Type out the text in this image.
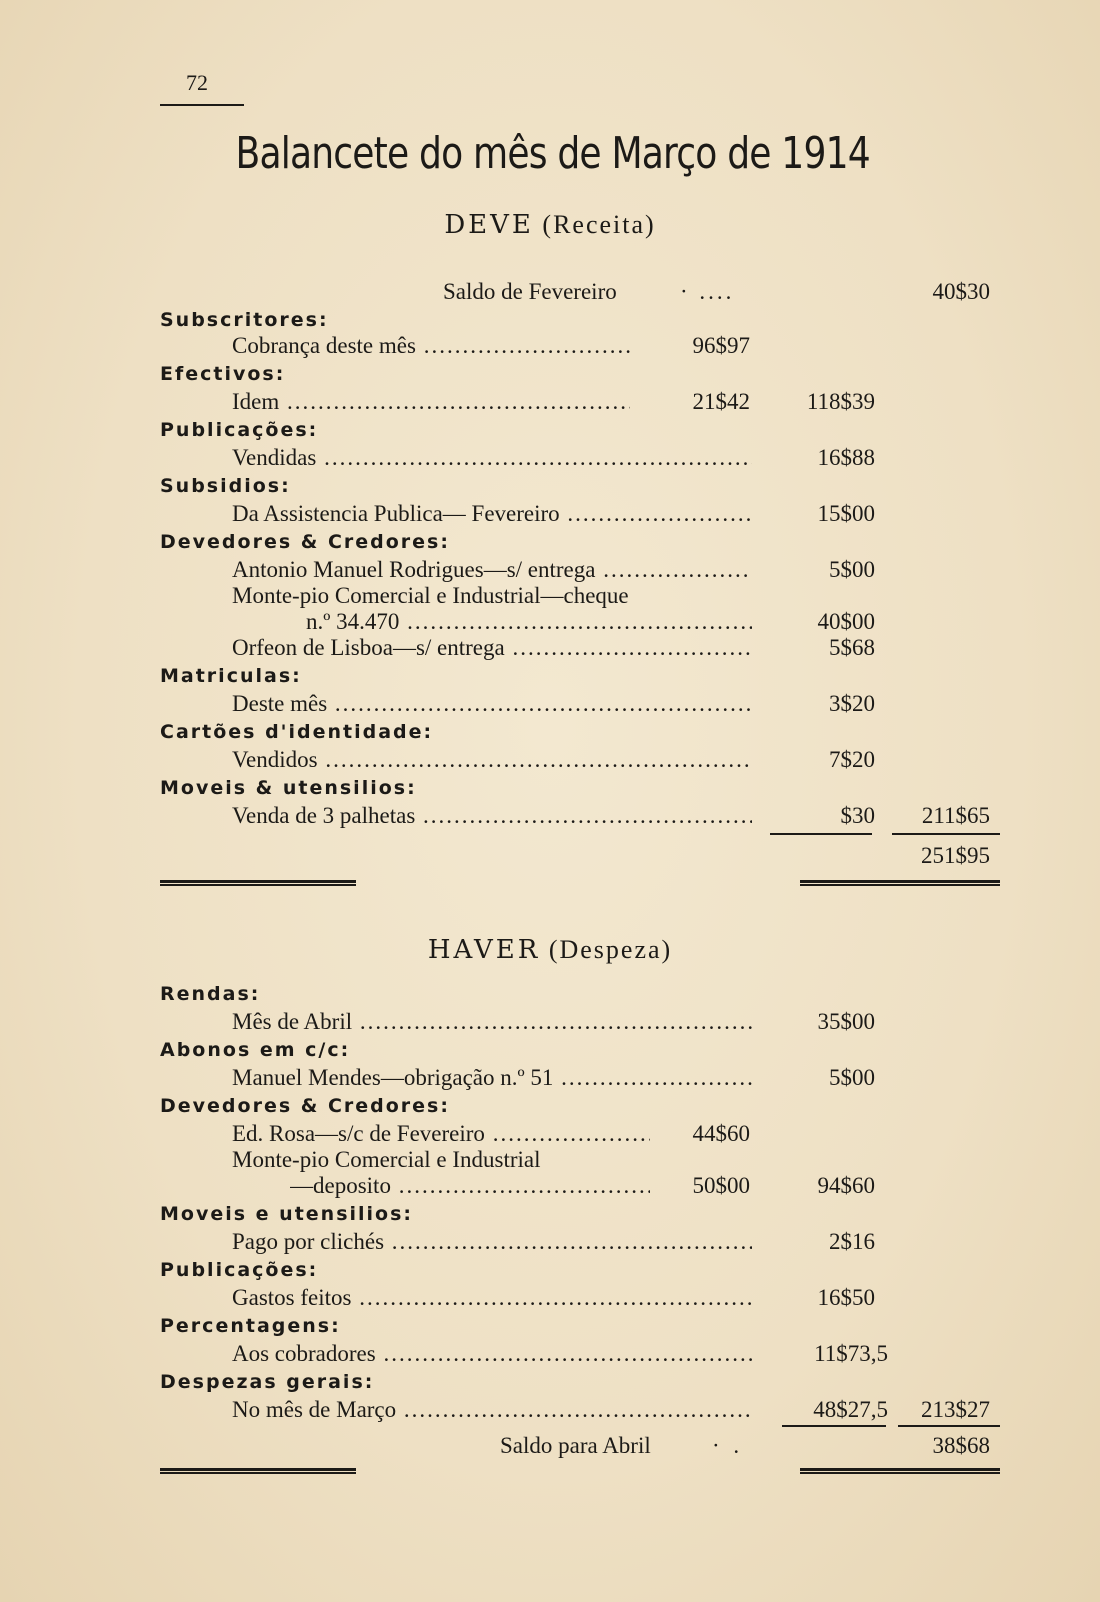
72
Balancete do mês de Março de 1914
DEVE (Receita)
Saldo de Fevereiro	· ....	40$30
Subscritores:
Cobrança deste mês .....	96$97
Efectivos:
Idem .....	21$42 118$39
Publicações:
Vendidas .....	16$88
Subsidios:
Da Assistencia Publica— Fevereiro .....	15$00
Devedores & Credores:
Antonio Manuel Rodrigues—s/ entrega .....	5$00
Monte-pio Comercial e Industrial—cheque
n.º 34.470 .....	40$00
Orfeon de Lisboa—s/ entrega .....	5$68
Matriculas:
Deste mês .....	3$20
Cartões d'identidade:
Vendidos .....	7$20
Moveis & utensilios:
Venda de 3 palhetas .....	$30 211$65
251$95
HAVER (Despeza)
Rendas:
Mês de Abril .....	35$00
Abonos em c/c:
Manuel Mendes—obrigação n.º 51 .....	5$00
Devedores & Credores:
Ed. Rosa—s/c de Fevereiro .....	44$60
Monte-pio Comercial e Industrial
—deposito .....	50$00	94$60
Moveis e utensilios:
Pago por clichés .....	2$16
Publicações:
Gastos feitos .....	16$50
Percentagens:
Aos cobradores .....	11$73,5
Despezas gerais:
No mês de Março .....	48$27,5 213$27
Saldo para Abril	· .	38$68
